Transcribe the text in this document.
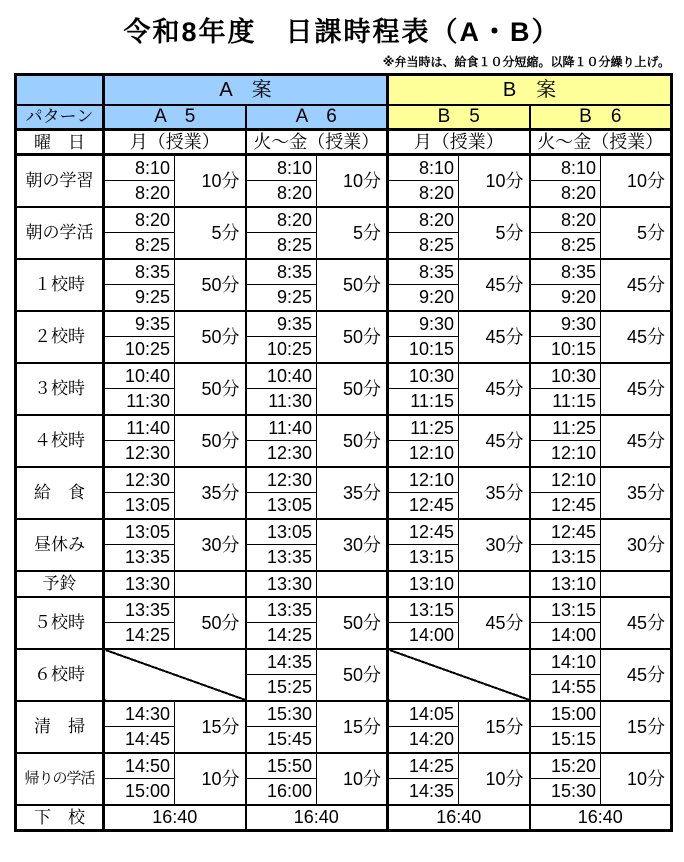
令和8年度　日課時程表（A・B）
※弁当時は、給食１０分短縮。以降１０分繰り上げ。
	A　案				B　案			
パターン	A　5		A　6		B　5		B　6	
曜　日	月（授業）		火～金（授業）		月（授業）		火～金（授業）	
朝の学習	8:10	10分	8:10	10分	8:10	10分	8:10	10分
	8:20		8:20		8:20		8:20	
朝の学活	8:20	5分	8:20	5分	8:20	5分	8:20	5分
	8:25		8:25		8:25		8:25	
１校時	8:35	50分	8:35	50分	8:35	45分	8:35	45分
	9:25		9:25		9:20		9:20	
２校時	9:35	50分	9:35	50分	9:30	45分	9:30	45分
	10:25		10:25		10:15		10:15	
３校時	10:40	50分	10:40	50分	10:30	45分	10:30	45分
	11:30		11:30		11:15		11:15	
４校時	11:40	50分	11:40	50分	11:25	45分	11:25	45分
	12:30		12:30		12:10		12:10	
給　食	12:30	35分	12:30	35分	12:10	35分	12:10	35分
	13:05		13:05		12:45		12:45	
昼休み	13:05	30分	13:05	30分	12:45	30分	12:45	30分
	13:35		13:35		13:15		13:15	
予鈴	13:30		13:30		13:10		13:10	
５校時	13:35	50分	13:35	50分	13:15	45分	13:15	45分
	14:25		14:25		14:00		14:00	
６校時			14:35	50分			14:10	45分
			15:25				14:55	
清　掃	14:30	15分	15:30	15分	14:05	15分	15:00	15分
	14:45		15:45		14:20		15:15	
帰りの学活	14:50	10分	15:50	10分	14:25	10分	15:20	10分
	15:00		16:00		14:35		15:30	
下　校	16:40		16:40		16:40		16:40	
